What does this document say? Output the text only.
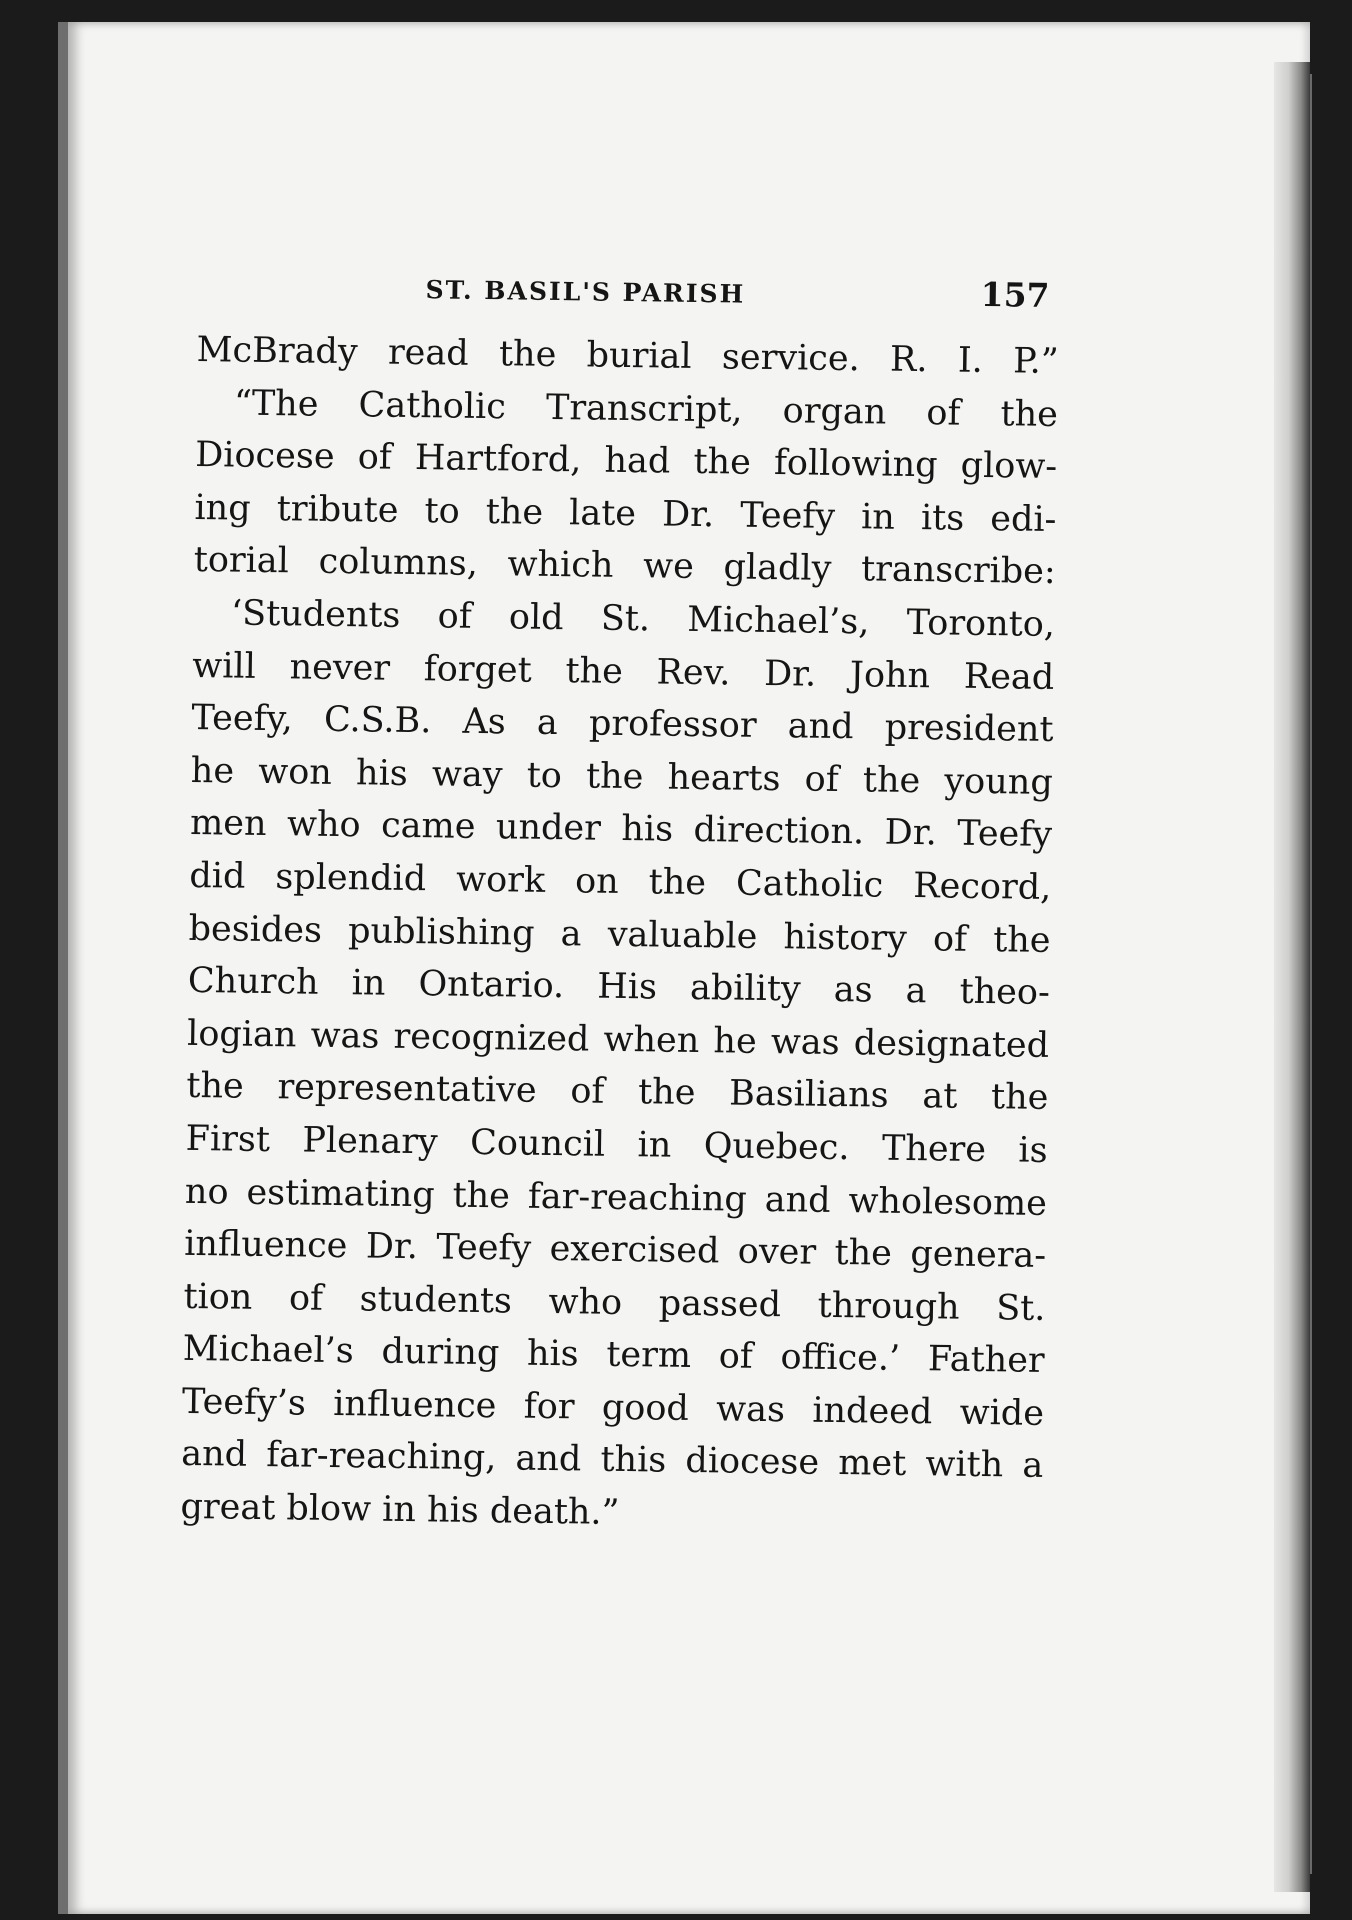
ST. BASIL'S PARISH	157
McBrady read the burial service. R. I. P.”
“The Catholic Transcript, organ of the
Diocese of Hartford, had the following glow-
ing tribute to the late Dr. Teefy in its edi-
torial columns, which we gladly transcribe:
‘Students of old St. Michael’s, Toronto,
will never forget the Rev. Dr. John Read
Teefy, C.S.B. As a professor and president
he won his way to the hearts of the young
men who came under his direction. Dr. Teefy
did splendid work on the Catholic Record,
besides publishing a valuable history of the
Church in Ontario. His ability as a theo-
logian was recognized when he was designated
the representative of the Basilians at the
First Plenary Council in Quebec. There is
no estimating the far-reaching and wholesome
influence Dr. Teefy exercised over the genera-
tion of students who passed through St.
Michael’s during his term of office.’ Father
Teefy’s influence for good was indeed wide
and far-reaching, and this diocese met with a
great blow in his death.”
